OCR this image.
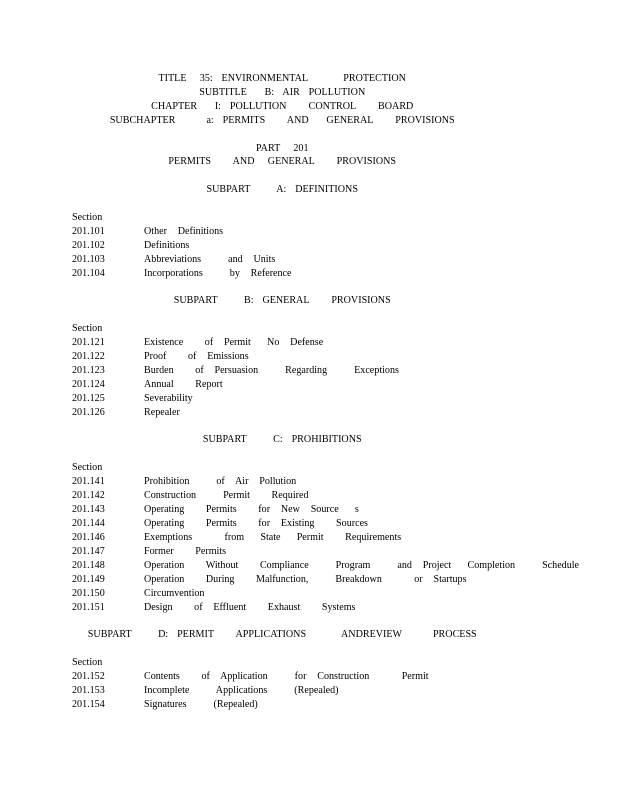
TITLE   35:  ENVIRONMENTAL        PROTECTION
SUBTITLE    B:  AIR  POLLUTION
CHAPTER    I:  POLLUTION     CONTROL     BOARD
SUBCHAPTER       a:  PERMITS     AND    GENERAL     PROVISIONS
PART   201
PERMITS     AND   GENERAL     PROVISIONS
SUBPART      A:  DEFINITIONS
Section
201.101	Other  Definitions
201.102	Definitions
201.103	Abbreviations     and  Units
201.104	Incorporations     by  Reference
SUBPART      B:  GENERAL     PROVISIONS
Section
201.121	Existence    of  Permit   No  Defense
201.122	Proof    of  Emissions
201.123	Burden    of  Persuasion     Regarding     Exceptions
201.124	Annual    Report
201.125	Severability
201.126	Repealer
SUBPART      C:  PROHIBITIONS
Section
201.141	Prohibition     of  Air  Pollution
201.142	Construction     Permit    Required
201.143	Operating    Permits    for  New  Source   s
201.144	Operating    Permits    for  Existing    Sources
201.146	Exemptions      from   State   Permit    Requirements
201.147	Former    Permits
201.148	Operation    Without    Compliance     Program     and  Project   Completion     Schedule
201.149	Operation    During    Malfunction,     Breakdown      or  Startups
201.150	Circumvention
201.151	Design    of  Effluent    Exhaust    Systems
SUBPART      D:  PERMIT     APPLICATIONS        ANDREVIEW       PROCESS
Section
201.152	Contents    of  Application     for  Construction      Permit
201.153	Incomplete     Applications     (Repealed)
201.154	Signatures     (Repealed)
